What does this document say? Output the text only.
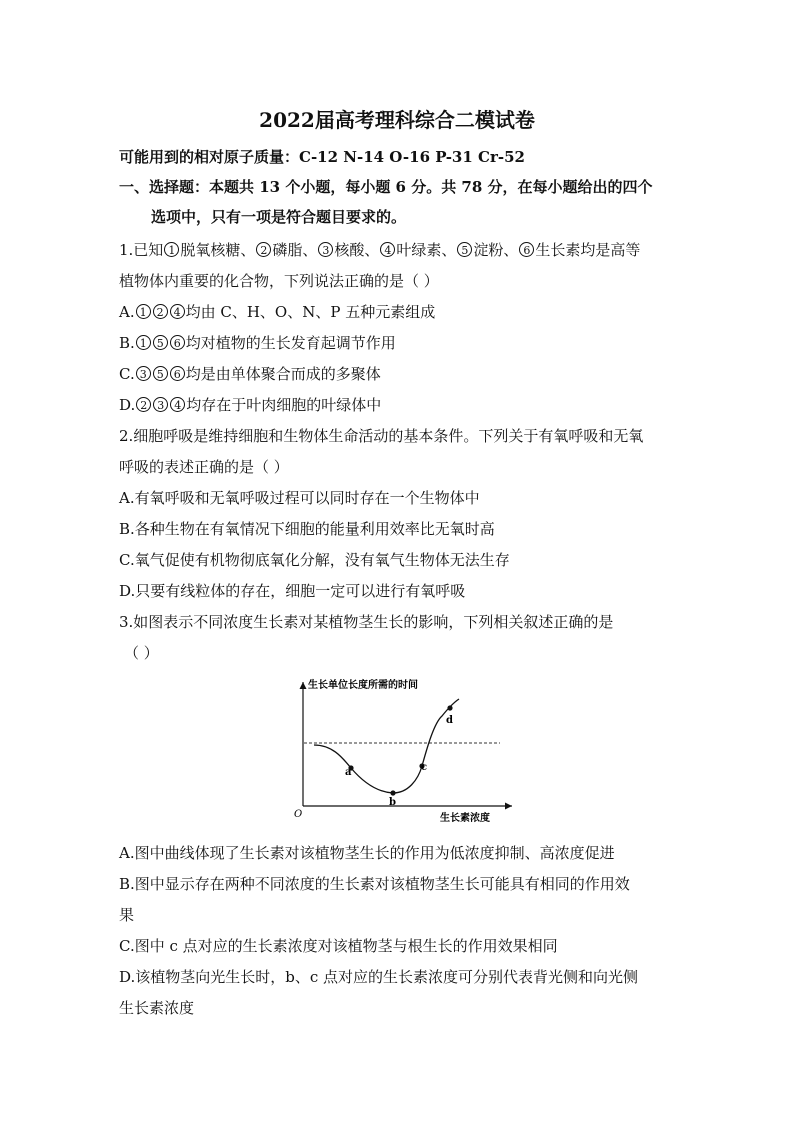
2022届高考理科综合二模试卷
可能用到的相对原子质量：C-12 N-14 O-16 P-31 Cr-52
一、选择题：本题共 13 个小题，每小题 6 分。共 78 分，在每小题给出的四个
选项中，只有一项是符合题目要求的。
1.已知 1 脱氧核糖、 2 磷脂、 3 核酸、 4 叶绿素、 5 淀粉、 6 生长素均是高等
植物体内重要的化合物，下列说法正确的是（ ）
A. 1 2 4 均由 C、H、O、N、P 五种元素组成
B. 1 5 6 均对植物的生长发育起调节作用
C. 3 5 6 均是由单体聚合而成的多聚体
D. 2 3 4 均存在于叶肉细胞的叶绿体中
2.细胞呼吸是维持细胞和生物体生命活动的基本条件。下列关于有氧呼吸和无氧
呼吸的表述正确的是（ ）
A.有氧呼吸和无氧呼吸过程可以同时存在一个生物体中
B.各种生物在有氧情况下细胞的能量利用效率比无氧时高
C.氧气促使有机物彻底氧化分解，没有氧气生物体无法生存
D.只要有线粒体的存在，细胞一定可以进行有氧呼吸
3.如图表示不同浓度生长素对某植物茎生长的影响，下列相关叙述正确的是
（ ）
生长单位长度所需的时间
生长素浓度
O
a
b
c
d
A.图中曲线体现了生长素对该植物茎生长的作用为低浓度抑制、高浓度促进
B.图中显示存在两种不同浓度的生长素对该植物茎生长可能具有相同的作用效
果
C.图中 c 点对应的生长素浓度对该植物茎与根生长的作用效果相同
D.该植物茎向光生长时，b、c 点对应的生长素浓度可分别代表背光侧和向光侧
生长素浓度
